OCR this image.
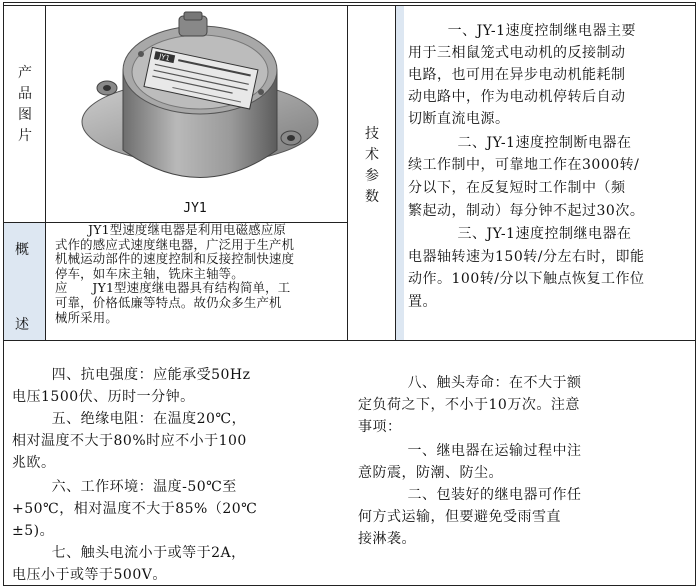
产
品
图
片
概
述
技
术
参
数
JY1
JY1
JY1型速度继电器是利用电磁感应原
式作的感应式速度继电器，广泛用于生产机
机械运动部件的速度控制和反接控制快速度
停车，如车床主轴，铣床主轴等。
应      JY1型速度继电器具有结构简单，工
可靠，价格低廉等特点。故仍众多生产机
械所采用。
一、JY-1速度控制继电器主要
用于三相鼠笼式电动机的反接制动
电路，也可用在异步电动机能耗制
动电路中，作为电动机停转后自动
切断直流电源。
二、JY-1速度控制断电器在
续工作制中，可靠地工作在3000转/
分以下，在反复短时工作制中（频
繁起动，制动）每分钟不起过30次。
三、JY-1速度控制继电器在
电器轴转速为150转/分左右时，即能
动作。100转/分以下触点恢复工作位
置。
四、抗电强度：应能承受50Hz
电压1500伏、历时一分钟。
五、绝缘电阻：在温度20℃，
相对温度不大于80%时应不小于100
兆欧。
六、工作环境：温度-50℃至
+50℃，相对温度不大于85%（20℃
±5)。
七、触头电流小于或等于2A，
电压小于或等于500V。
八、触头寿命：在不大于额
定负荷之下，不小于10万次。注意
事项：
一、继电器在运输过程中注
意防震，防潮、防尘。
二、包装好的继电器可作任
何方式运输，但要避免受雨雪直
接淋袭。
